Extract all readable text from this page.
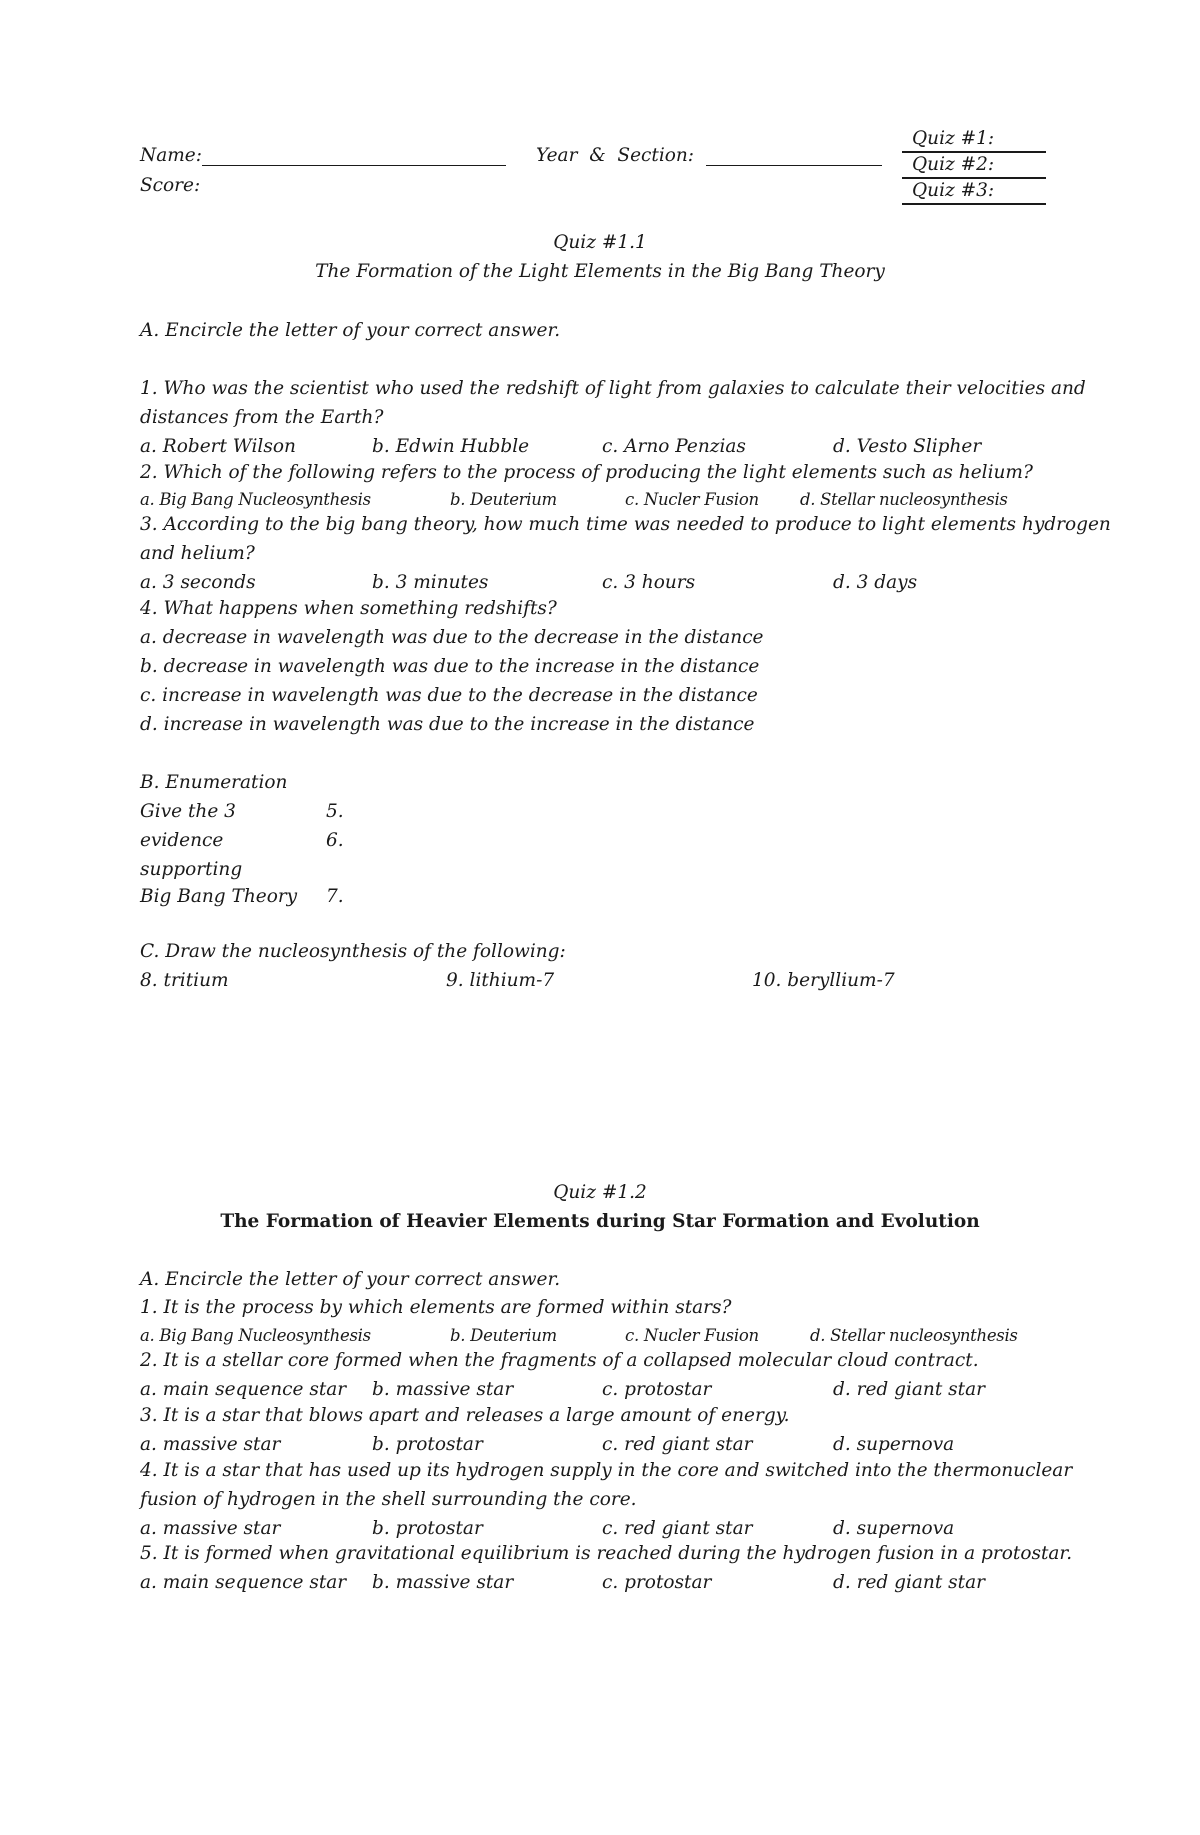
Name:
Score:
Year  &  Section:
Quiz #1:
Quiz #2:
Quiz #3:
Quiz #1.1
The Formation of the Light Elements in the Big Bang Theory
A. Encircle the letter of your correct answer.
1. Who was the scientist who used the redshift of light from galaxies to calculate their velocities and
distances from the Earth?
a. Robert Wilson	b. Edwin Hubble	c. Arno Penzias	d. Vesto Slipher
2. Which of the following refers to the process of producing the light elements such as helium?
a. Big Bang Nucleosynthesis	b. Deuterium	c. Nucler Fusion d. Stellar nucleosynthesis
3. According to the big bang theory, how much time was needed to produce to light elements hydrogen
and helium?
a. 3 seconds	b. 3 minutes	c. 3 hours	d. 3 days
4. What happens when something redshifts?
a. decrease in wavelength was due to the decrease in the distance
b. decrease in wavelength was due to the increase in the distance
c. increase in wavelength was due to the decrease in the distance
d. increase in wavelength was due to the increase in the distance
B. Enumeration
Give the 3
evidence
supporting
Big Bang Theory
5.
6.
7.
C. Draw the nucleosynthesis of the following:
8. tritium	9. lithium-7	10. beryllium-7
Quiz #1.2
The Formation of Heavier Elements during Star Formation and Evolution
A. Encircle the letter of your correct answer.
1. It is the process by which elements are formed within stars?
a. Big Bang Nucleosynthesis	b. Deuterium	c. Nucler Fusion	d. Stellar nucleosynthesis
2. It is a stellar core formed when the fragments of a collapsed molecular cloud contract.
a. main sequence star b. massive star	c. protostar	d. red giant star
3. It is a star that blows apart and releases a large amount of energy.
a. massive star	b. protostar	c. red giant star	d. supernova
4. It is a star that has used up its hydrogen supply in the core and switched into the thermonuclear
fusion of hydrogen in the shell surrounding the core.
a. massive star	b. protostar	c. red giant star	d. supernova
5. It is formed when gravitational equilibrium is reached during the hydrogen fusion in a protostar.
a. main sequence star b. massive star	c. protostar	d. red giant star
